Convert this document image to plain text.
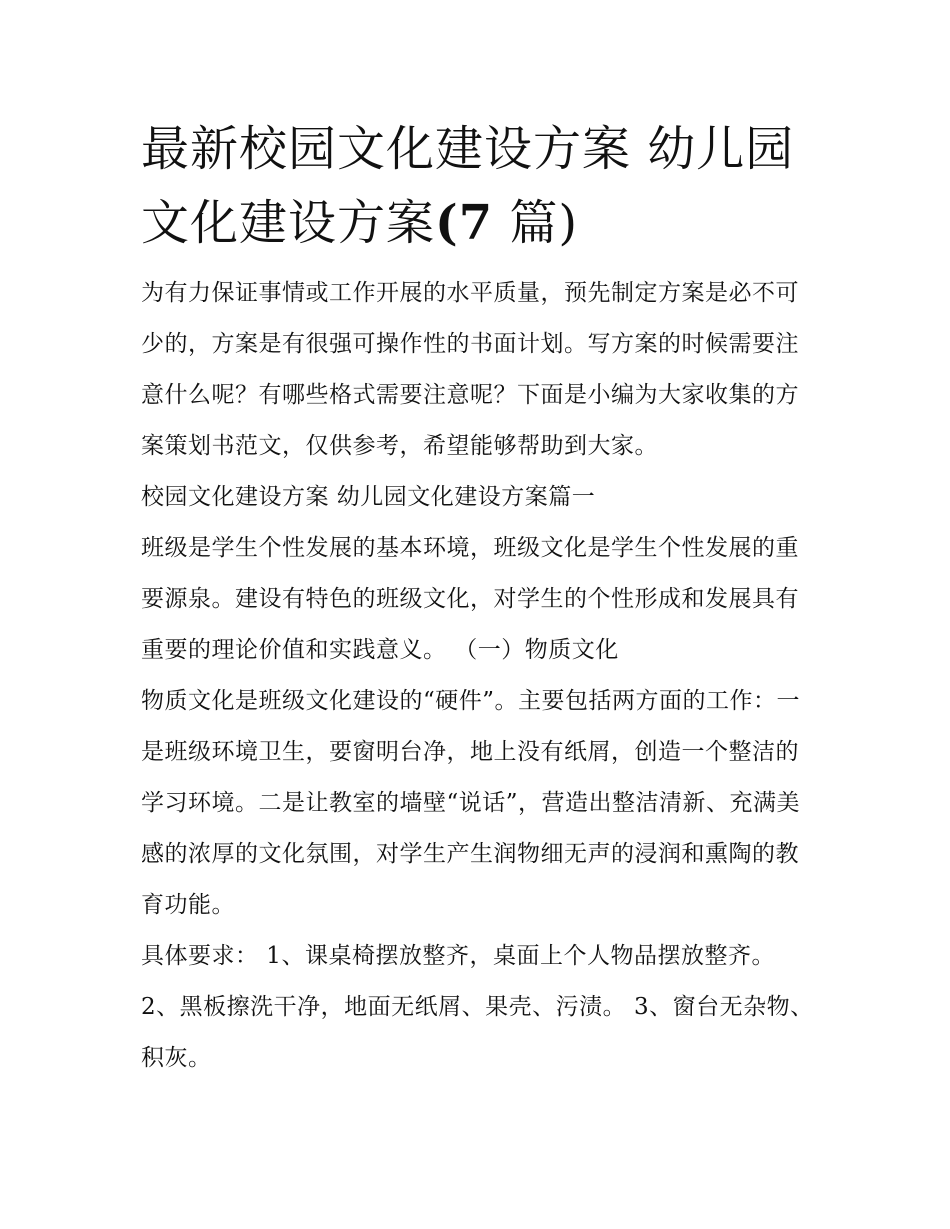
最新校园文化建设方案 幼儿园
文化建设方案(7 篇)

为有力保证事情或工作开展的水平质量，预先制定方案是必不可少的，方案是有很强可操作性的书面计划。写方案的时候需要注意什么呢？有哪些格式需要注意呢？下面是小编为大家收集的方案策划书范文，仅供参考，希望能够帮助到大家。

校园文化建设方案 幼儿园文化建设方案篇一

班级是学生个性发展的基本环境，班级文化是学生个性发展的重要源泉。建设有特色的班级文化，对学生的个性形成和发展具有重要的理论价值和实践意义。 （一）物质文化

物质文化是班级文化建设的“硬件”。主要包括两方面的工作：一是班级环境卫生，要窗明台净，地上没有纸屑，创造一个整洁的学习环境。二是让教室的墙壁“说话”，营造出整洁清新、充满美感的浓厚的文化氛围，对学生产生润物细无声的浸润和熏陶的教育功能。

具体要求： 1、课桌椅摆放整齐，桌面上个人物品摆放整齐。 2、黑板擦洗干净，地面无纸屑、果壳、污渍。 3、窗台无杂物、积灰。
